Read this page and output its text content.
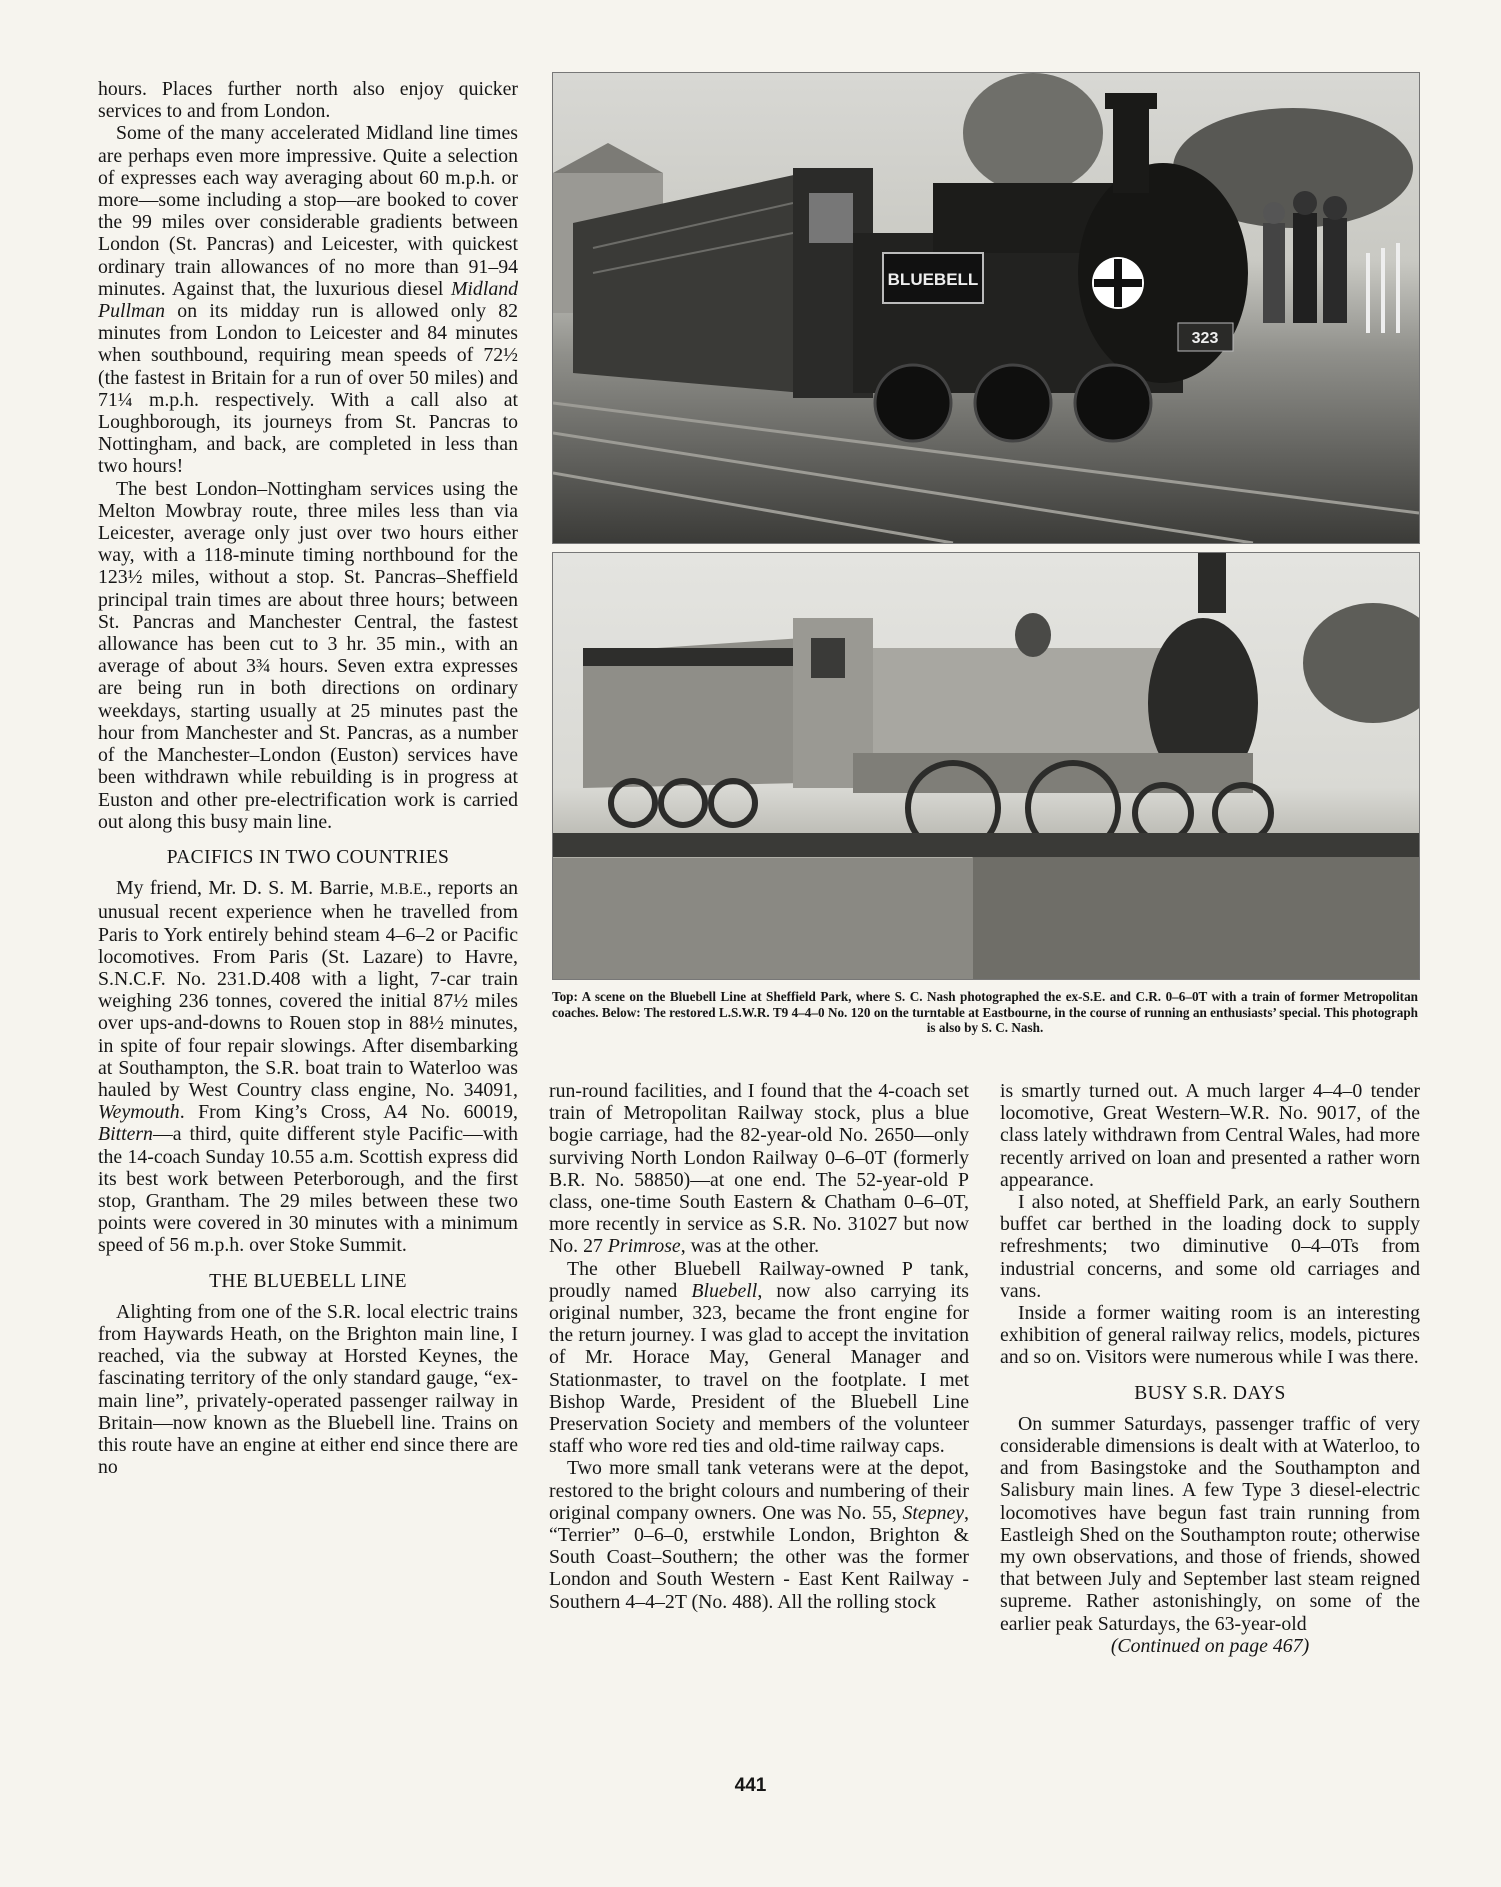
hours. Places further north also enjoy quicker services to and from London.

Some of the many accelerated Midland line times are perhaps even more impressive. Quite a selection of expresses each way averaging about 60 m.p.h. or more—some including a stop—are booked to cover the 99 miles over considerable gradients between London (St. Pancras) and Leicester, with quickest ordinary train allowances of no more than 91–94 minutes. Against that, the luxurious diesel Midland Pullman on its midday run is allowed only 82 minutes from London to Leicester and 84 minutes when southbound, requiring mean speeds of 72½ (the fastest in Britain for a run of over 50 miles) and 71¼ m.p.h. respectively. With a call also at Loughborough, its journeys from St. Pancras to Nottingham, and back, are completed in less than two hours!

The best London–Nottingham services using the Melton Mowbray route, three miles less than via Leicester, average only just over two hours either way, with a 118-minute timing northbound for the 123½ miles, without a stop. St. Pancras–Sheffield principal train times are about three hours; between St. Pancras and Manchester Central, the fastest allowance has been cut to 3 hr. 35 min., with an average of about 3¾ hours. Seven extra expresses are being run in both directions on ordinary weekdays, starting usually at 25 minutes past the hour from Manchester and St. Pancras, as a number of the Manchester–London (Euston) services have been withdrawn while rebuilding is in progress at Euston and other pre-electrification work is carried out along this busy main line.

PACIFICS IN TWO COUNTRIES

My friend, Mr. D. S. M. Barrie, M.B.E., reports an unusual recent experience when he travelled from Paris to York entirely behind steam 4–6–2 or Pacific locomotives. From Paris (St. Lazare) to Havre, S.N.C.F. No. 231.D.408 with a light, 7-car train weighing 236 tonnes, covered the initial 87½ miles over ups-and-downs to Rouen stop in 88½ minutes, in spite of four repair slowings. After disembarking at Southampton, the S.R. boat train to Waterloo was hauled by West Country class engine, No. 34091, Weymouth. From King’s Cross, A4 No. 60019, Bittern—a third, quite different style Pacific—with the 14-coach Sunday 10.55 a.m. Scottish express did its best work between Peterborough, and the first stop, Grantham. The 29 miles between these two points were covered in 30 minutes with a minimum speed of 56 m.p.h. over Stoke Summit.

THE BLUEBELL LINE

Alighting from one of the S.R. local electric trains from Haywards Heath, on the Brighton main line, I reached, via the subway at Horsted Keynes, the fascinating territory of the only standard gauge, “ex-main line”, privately-operated passenger railway in Britain—now known as the Bluebell line. Trains on this route have an engine at either end since there are no

BLUEBELL
323
Top: A scene on the Bluebell Line at Sheffield Park, where S. C. Nash photographed the ex-S.E. and C.R. 0–6–0T with a train of former Metropolitan coaches. Below: The restored L.S.W.R. T9 4–4–0 No. 120 on the turntable at Eastbourne, in the course of running an enthusiasts’ special. This photograph is also by S. C. Nash.

run-round facilities, and I found that the 4-coach set train of Metropolitan Railway stock, plus a blue bogie carriage, had the 82-year-old No. 2650—only surviving North London Railway 0–6–0T (formerly B.R. No. 58850)—at one end. The 52-year-old P class, one-time South Eastern & Chatham 0–6–0T, more recently in service as S.R. No. 31027 but now No. 27 Primrose, was at the other.

The other Bluebell Railway-owned P tank, proudly named Bluebell, now also carrying its original number, 323, became the front engine for the return journey. I was glad to accept the invitation of Mr. Horace May, General Manager and Stationmaster, to travel on the footplate. I met Bishop Warde, President of the Bluebell Line Preservation Society and members of the volunteer staff who wore red ties and old-time railway caps.

Two more small tank veterans were at the depot, restored to the bright colours and numbering of their original company owners. One was No. 55, Stepney, “Terrier” 0–6–0, erstwhile London, Brighton & South Coast–Southern; the other was the former London and South Western - East Kent Railway - Southern 4–4–2T (No. 488). All the rolling stock

is smartly turned out. A much larger 4–4–0 tender locomotive, Great Western–W.R. No. 9017, of the class lately withdrawn from Central Wales, had more recently arrived on loan and presented a rather worn appearance.

I also noted, at Sheffield Park, an early Southern buffet car berthed in the loading dock to supply refreshments; two diminutive 0–4–0Ts from industrial concerns, and some old carriages and vans.

Inside a former waiting room is an interesting exhibition of general railway relics, models, pictures and so on. Visitors were numerous while I was there.

BUSY S.R. DAYS

On summer Saturdays, passenger traffic of very considerable dimensions is dealt with at Waterloo, to and from Basingstoke and the Southampton and Salisbury main lines. A few Type 3 diesel-electric locomotives have begun fast train running from Eastleigh Shed on the Southampton route; otherwise my own observations, and those of friends, showed that between July and September last steam reigned supreme. Rather astonishingly, on some of the earlier peak Saturdays, the 63-year-old

(Continued on page 467)
441
